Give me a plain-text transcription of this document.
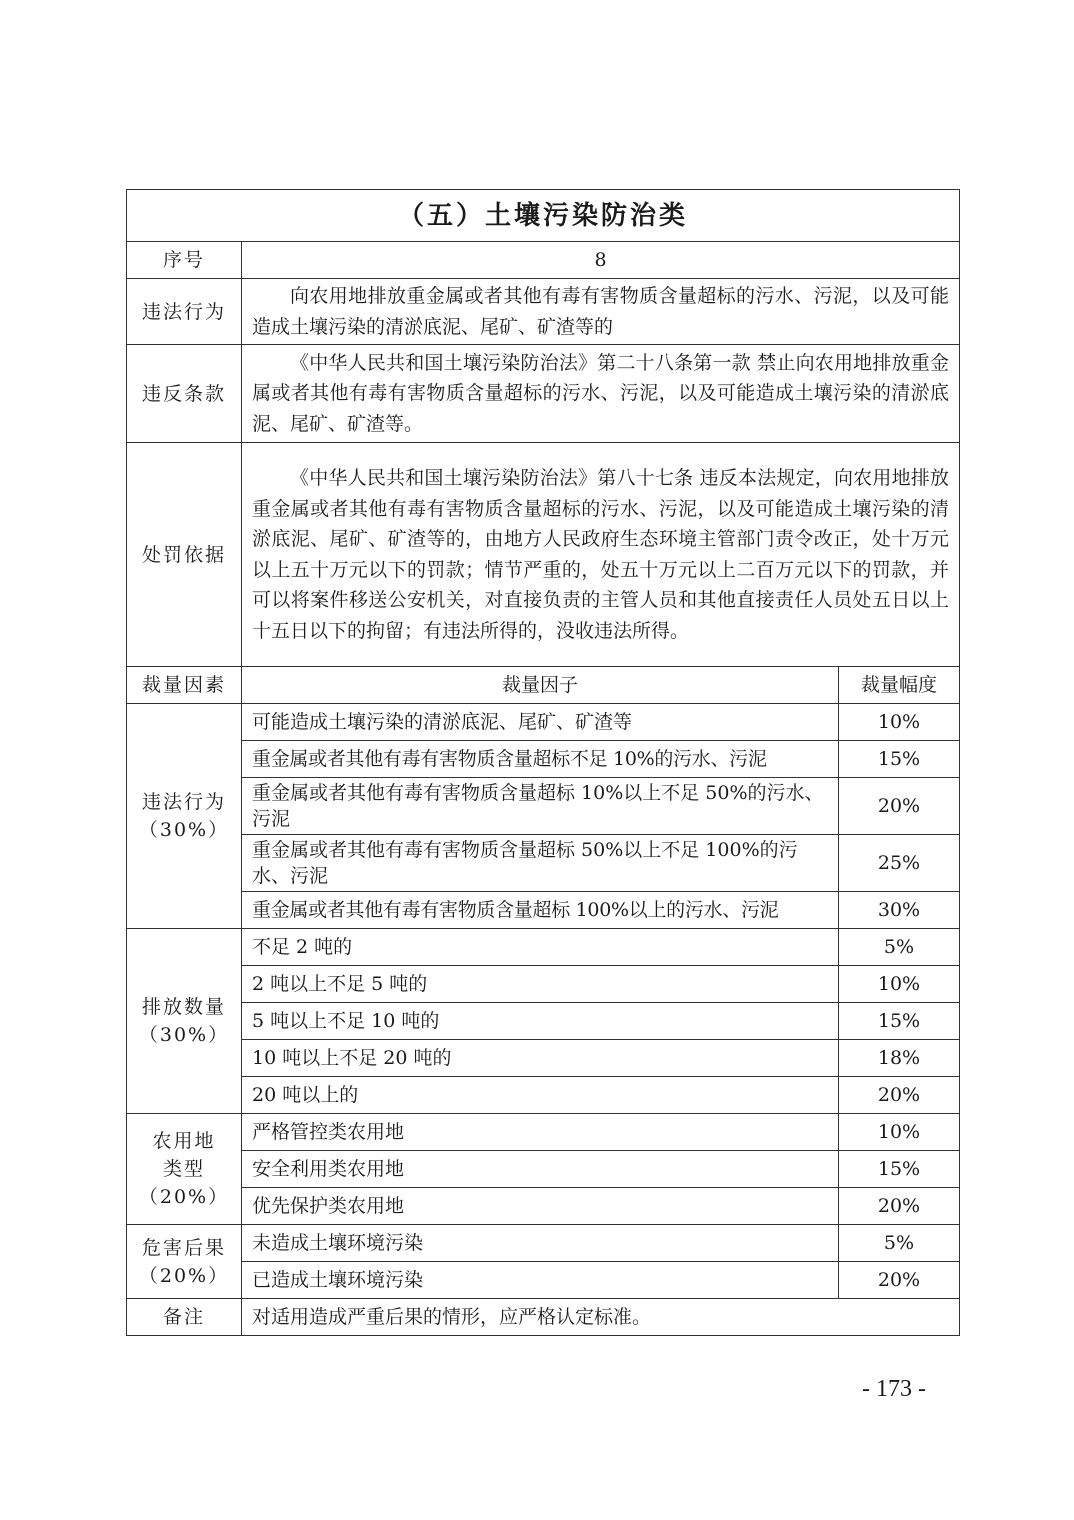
（五）土壤污染防治类		
序号	8	
违法行为	向农用地排放重金属或者其他有毒有害物质含量超标的污水、污泥，以及可能造成土壤污染的清淤底泥、尾矿、矿渣等的	
违反条款	《中华人民共和国土壤污染防治法》第二十八条第一款 禁止向农用地排放重金属或者其他有毒有害物质含量超标的污水、污泥，以及可能造成土壤污染的清淤底泥、尾矿、矿渣等。	
处罚依据	《中华人民共和国土壤污染防治法》第八十七条 违反本法规定，向农用地排放重金属或者其他有毒有害物质含量超标的污水、污泥，以及可能造成土壤污染的清淤底泥、尾矿、矿渣等的，由地方人民政府生态环境主管部门责令改正，处十万元以上五十万元以下的罚款；情节严重的，处五十万元以上二百万元以下的罚款，并可以将案件移送公安机关，对直接负责的主管人员和其他直接责任人员处五日以上十五日以下的拘留；有违法所得的，没收违法所得。	
裁量因素	裁量因子	裁量幅度

违法行为
（30%）	可能造成土壤污染的清淤底泥、尾矿、矿渣等	10%
	重金属或者其他有毒有害物质含量超标不足 10%的污水、污泥	15%
	重金属或者其他有毒有害物质含量超标 10%以上不足 50%的污水、污泥	20%
	重金属或者其他有毒有害物质含量超标 50%以上不足 100%的污水、污泥	25%
	重金属或者其他有毒有害物质含量超标 100%以上的污水、污泥	30%

排放数量
（30%）	不足 2 吨的	5%
	2 吨以上不足 5 吨的	10%
	5 吨以上不足 10 吨的	15%
	10 吨以上不足 20 吨的	18%
	20 吨以上的	20%

农用地
类型
（20%）	严格管控类农用地	10%
	安全利用类农用地	15%
	优先保护类农用地	20%

危害后果
（20%）	未造成土壤环境污染	5%
	已造成土壤环境污染	20%
备注	对适用造成严重后果的情形，应严格认定标准。	
- 173 -
